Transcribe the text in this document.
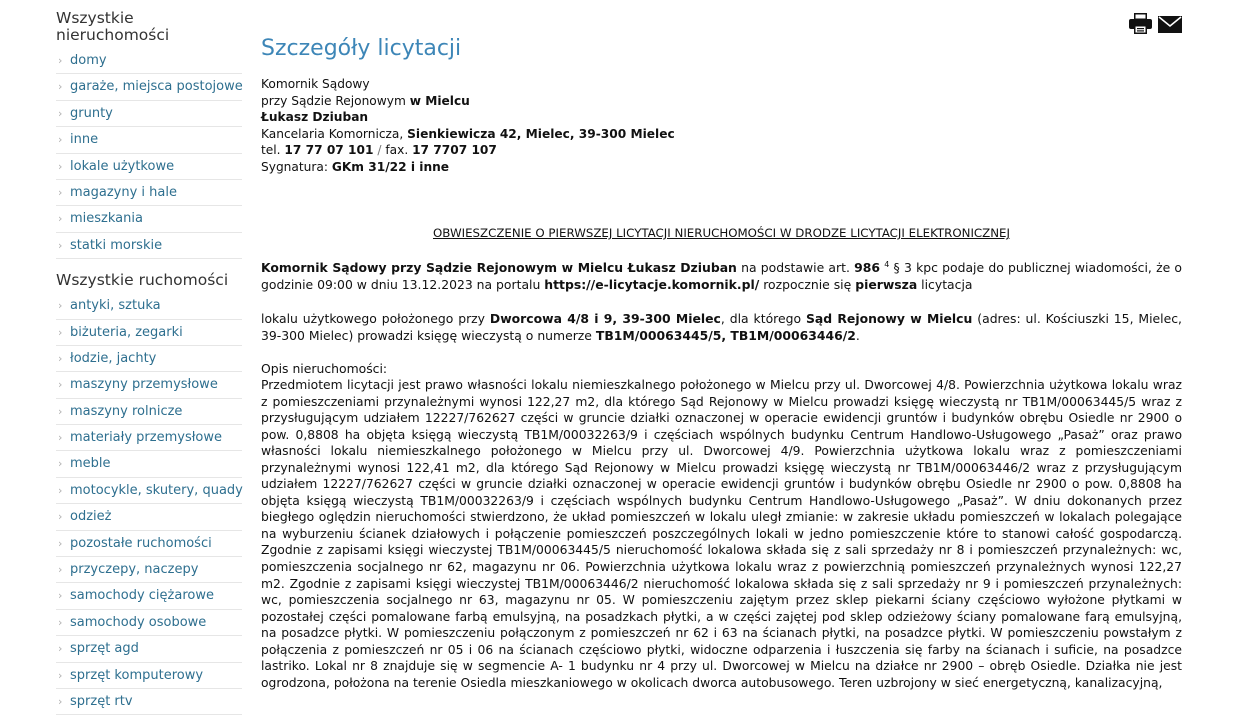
Wszystkie nieruchomości
› domy
› garaże, miejsca postojowe
› grunty
› inne
› lokale użytkowe
› magazyny i hale
› mieszkania
› statki morskie
Wszystkie ruchomości
› antyki, sztuka
› biżuteria, zegarki
› łodzie, jachty
› maszyny przemysłowe
› maszyny rolnicze
› materiały przemysłowe
› meble
› motocykle, skutery, quady
› odzież
› pozostałe ruchomości
› przyczepy, naczepy
› samochody ciężarowe
› samochody osobowe
› sprzęt agd
› sprzęt komputerowy
› sprzęt rtv
Szczegóły licytacji
Komornik Sądowy
przy Sądzie Rejonowym w Mielcu
Łukasz Dziuban
Kancelaria Komornicza, Sienkiewicza 42, Mielec, 39-300 Mielec
tel. 17 77 07 101 / fax. 17 7707 107
Sygnatura: GKm 31/22 i inne
OBWIESZCZENIE O PIERWSZEJ LICYTACJI NIERUCHOMOŚCI W DRODZE LICYTACJI ELEKTRONICZNEJ

Komornik Sądowy przy Sądzie Rejonowym w Mielcu Łukasz Dziuban na podstawie art. 986 $^4$ § 3 kpc podaje do publicznej wiadomości, że o godzinie 09:00 w dniu 13.12.2023 na portalu https://e-licytacje.komornik.pl/ rozpocznie się pierwsza licytacja

lokalu użytkowego położonego przy Dworcowa 4/8 i 9, 39-300 Mielec, dla którego Sąd Rejonowy w Mielcu (adres: ul. Kościuszki 15, Mielec, 39-300 Mielec) prowadzi księgę wieczystą o numerze TB1M/00063445/5, TB1M/00063446/2.

Opis nieruchomości:

Przedmiotem licytacji jest prawo własności lokalu niemieszkalnego położonego w Mielcu przy ul. Dworcowej 4/8. Powierzchnia użytkowa lokalu wraz z pomieszczeniami przynależnymi wynosi 122,27 m2, dla którego Sąd Rejonowy w Mielcu prowadzi księgę wieczystą nr TB1M/00063445/5 wraz z przysługującym udziałem 12227/762627 części w gruncie działki oznaczonej w operacie ewidencji gruntów i budynków obrębu Osiedle nr 2900 o pow. 0,8808 ha objęta księgą wieczystą TB1M/00032263/9 i częściach wspólnych budynku Centrum Handlowo-Usługowego „Pasaż” oraz prawo własności lokalu niemieszkalnego położonego w Mielcu przy ul. Dworcowej 4/9. Powierzchnia użytkowa lokalu wraz z pomieszczeniami przynależnymi wynosi 122,41 m2, dla którego Sąd Rejonowy w Mielcu prowadzi księgę wieczystą nr TB1M/00063446/2 wraz z przysługującym udziałem 12227/762627 części w gruncie działki oznaczonej w operacie ewidencji gruntów i budynków obrębu Osiedle nr 2900 o pow. 0,8808 ha objęta księgą wieczystą TB1M/00032263/9 i częściach wspólnych budynku Centrum Handlowo-Usługowego „Pasaż”. W dniu dokonanych przez biegłego oględzin nieruchomości stwierdzono, że układ pomieszczeń w lokalu uległ zmianie: w zakresie układu pomieszczeń w lokalach polegające na wyburzeniu ścianek działowych i połączenie pomieszczeń poszczególnych lokali w jedno pomieszczenie które to stanowi całość gospodarczą. Zgodnie z zapisami księgi wieczystej TB1M/00063445/5 nieruchomość lokalowa składa się z sali sprzedaży nr 8 i pomieszczeń przynależnych: wc, pomieszczenia socjalnego nr 62, magazynu nr 06. Powierzchnia użytkowa lokalu wraz z powierzchnią pomieszczeń przynależnych wynosi 122,27 m2. Zgodnie z zapisami księgi wieczystej TB1M/00063446/2 nieruchomość lokalowa składa się z sali sprzedaży nr 9 i pomieszczeń przynależnych: wc, pomieszczenia socjalnego nr 63, magazynu nr 05. W pomieszczeniu zajętym przez sklep piekarni ściany częściowo wyłożone płytkami w pozostałej części pomalowane farbą emulsyjną, na posadzkach płytki, a w części zajętej pod sklep odzieżowy ściany pomalowane farą emulsyjną, na posadzce płytki. W pomieszczeniu połączonym z pomieszczeń nr 62 i 63 na ścianach płytki, na posadzce płytki. W pomieszczeniu powstałym z połączenia z pomieszczeń nr 05 i 06 na ścianach częściowo płytki, widoczne odparzenia i łuszczenia się farby na ścianach i suficie, na posadzce lastriko. Lokal nr 8 znajduje się w segmencie A- 1 budynku nr 4 przy ul. Dworcowej w Mielcu na działce nr 2900 – obręb Osiedle. Działka nie jest ogrodzona, położona na terenie Osiedla mieszkaniowego w okolicach dworca autobusowego. Teren uzbrojony w sieć energetyczną, kanalizacyjną,
